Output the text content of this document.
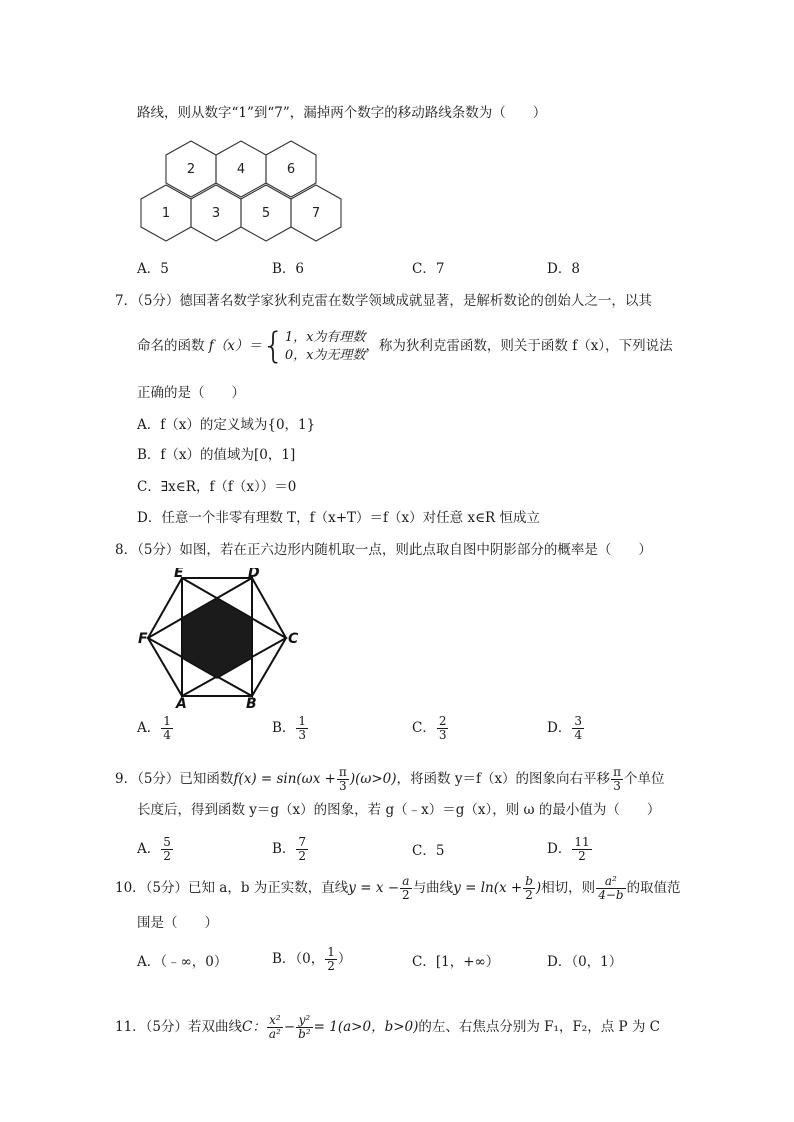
路线，则从数字“1”到“7”，漏掉两个数字的移动路线条数为（　　）
2	4	6
1	3	5	7
A．5	B．6	C．7	D．8
7．（5分）德国著名数学家狄利克雷在数学领域成就显著，是解析数论的创始人之一，以其
命名的函数 f（x）＝{ 1，x为有理数
0，x为无理数
，称为狄利克雷函数，则关于函数 f（x），下列说法
正确的是（　　）
A．f（x）的定义域为{0，1}
B．f（x）的值域为[0，1]
C．∃x∈R，f（f（x））＝0
D．任意一个非零有理数 T，f（x+T）＝f（x）对任意 x∈R 恒成立
8．（5分）如图，若在正六边形内随机取一点，则此点取自图中阴影部分的概率是（　　）
E	D
F	C
A	B
A． $\frac{1}{4}$	B． $\frac{1}{3}$	C． $\frac{2}{3}$	D． $\frac{3}{4}$
9．（5分）已知函数$f(x) = \sin(\omega x + \frac{\pi}{3} )(\omega>0)$，将函数 y＝f（x）的图象向右平移 $\frac{\pi}{3}$ 个单位
长度后，得到函数 y＝g（x）的图象，若 g（﹣x）＝g（x），则 ω 的最小值为（　　）
A． $\frac{5}{2}$	B． $\frac{7}{2}$	C．5	D． $\frac{11}{2}$
10．（5分）已知 a，b 为正实数，直线$y = x - \frac{a}{2}$ 与曲线$y = \ln(x + \frac{b}{2}$ )相切，则 $\frac{\text{a²}}{4-b}$ 的取值范
围是（　　）
A．（﹣∞，0）	B．（0， $\frac{1}{2}$ ）	C．[1，+∞）	D．（0，1）
11．（5分）若双曲线C： $\frac{\text{x²}}{\text{a²}} - \frac{\text{y²}}{\text{b²}} = 1(a>0$，b>0)的左、右焦点分别为 F₁，F₂，点 P 为 C
